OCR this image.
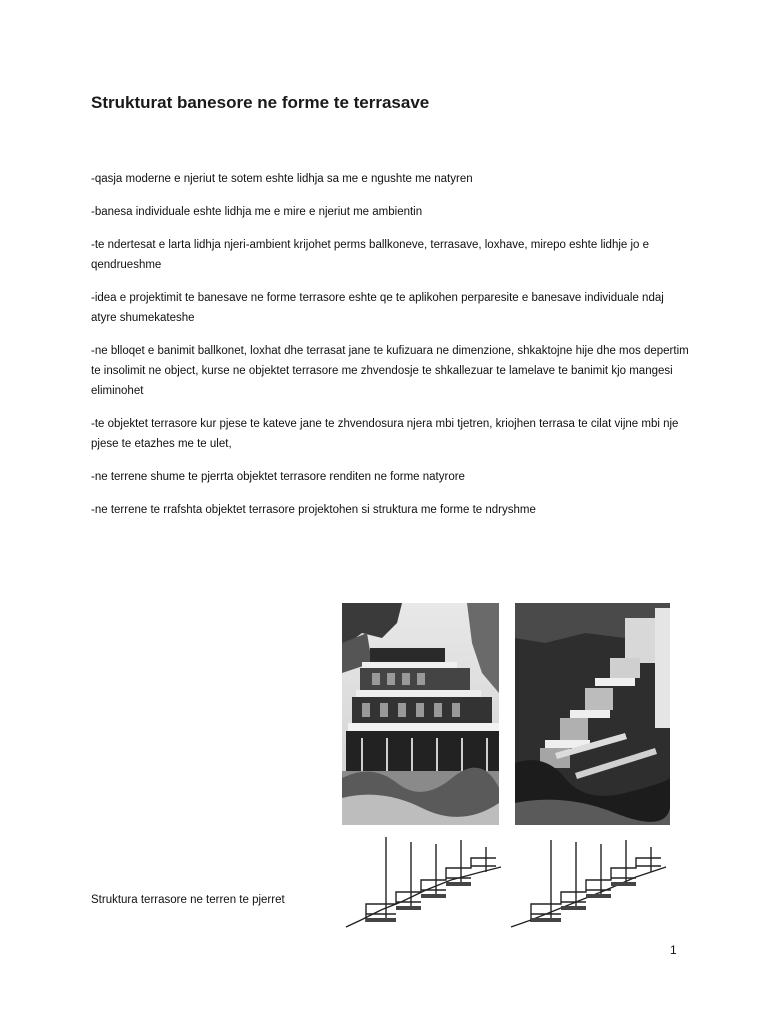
Strukturat banesore ne forme te terrasave

-qasja moderne e njeriut te sotem eshte lidhja sa me e ngushte me natyren

-banesa individuale eshte lidhja me e mire e njeriut me ambientin

-te ndertesat e larta lidhja njeri-ambient krijohet perms ballkoneve, terrasave, loxhave, mirepo eshte lidhje jo e qendrueshme

-idea e projektimit te banesave ne forme terrasore eshte qe te aplikohen perparesite e banesave individuale ndaj atyre shumekateshe

-ne blloqet e banimit ballkonet, loxhat dhe terrasat jane te kufizuara ne dimenzione, shkaktojne hije dhe mos depertim te insolimit ne object, kurse ne objektet terrasore me zhvendosje te shkallezuar te lamelave te banimit kjo mangesi eliminohet

-te objektet terrasore kur pjese te kateve jane te zhvendosura njera mbi tjetren, kriojhen terrasa te cilat vijne mbi nje pjese te etazhes me te ulet,

-ne terrene shume te pjerrta objektet terrasore renditen ne forme natyrore

-ne terrene te rrafshta objektet terrasore projektohen si struktura me forme te ndryshme

Struktura terrasore ne terren te pjerret
1
